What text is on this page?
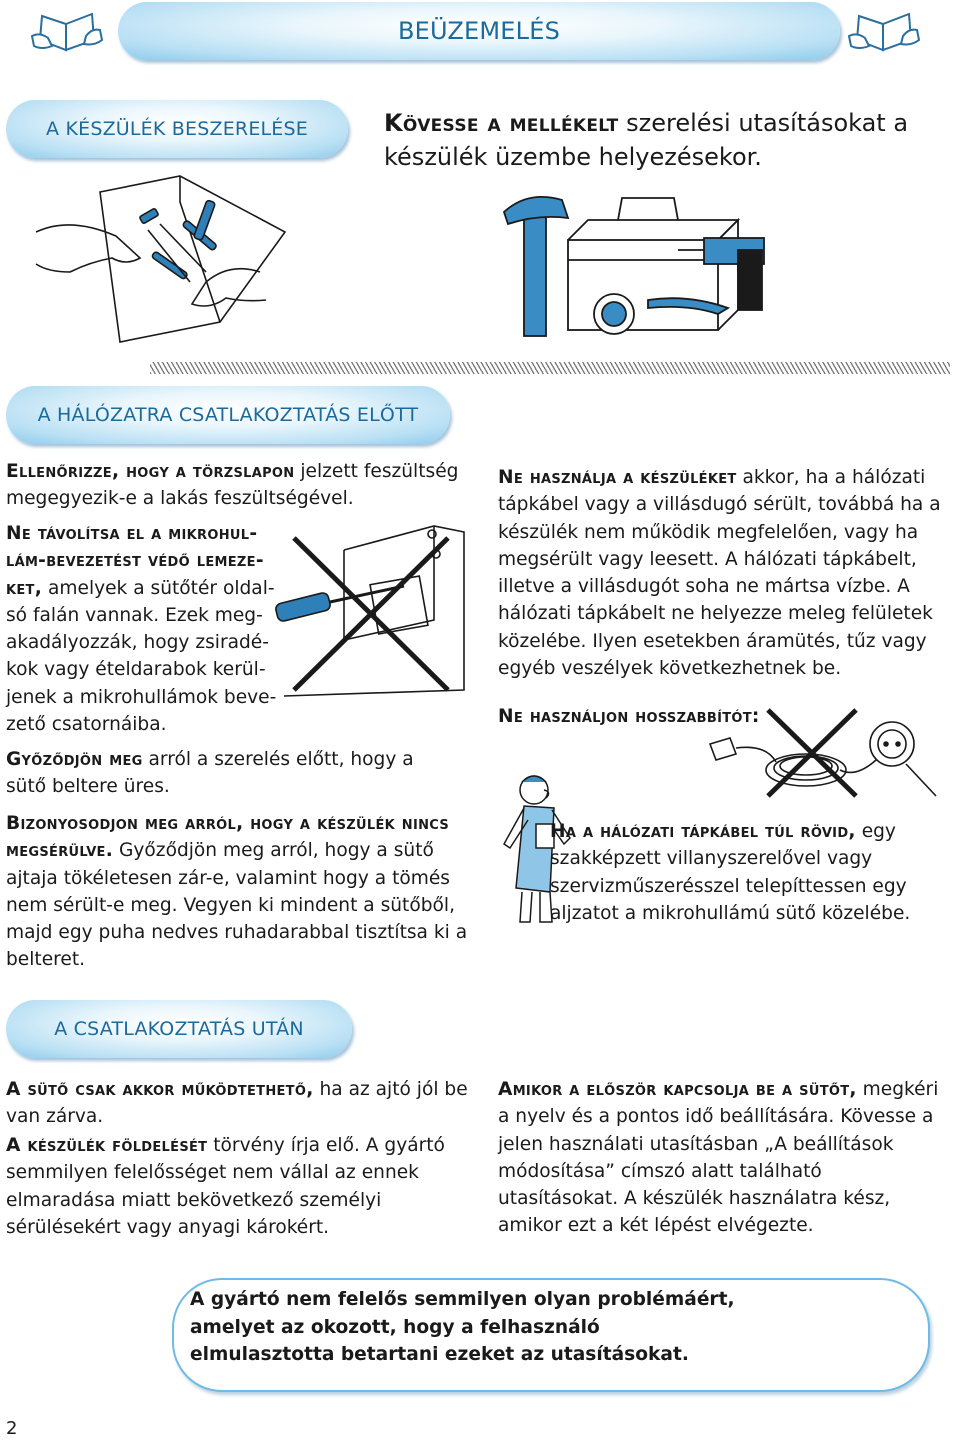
BEÜZEMELÉS
A KÉSZÜLÉK BESZERELÉSE	Kövesse a mellékelt szerelési utasításokat a készülék üzembe helyezésekor.
A HÁLÓZATRA CSATLAKOZTATÁS ELŐTT
Ellenőrizze, hogy a törzslapon jelzett feszültség megegyezik-e a lakás feszültségével.
Ne távolítsa el a mikrohul-
lám-bevezetést védő lemeze-
ket, amelyek a sütőtér oldal-
só falán vannak. Ezek meg-
akadályozzák, hogy zsiradé-
kok vagy ételdarabok kerül-
jenek a mikrohullámok beve-
zető csatornáiba.
Győződjön meg arról a szerelés előtt, hogy a sütő beltere üres.
Bizonyosodjon meg arról, hogy a készülék nincs megsérülve. Győződjön meg arról, hogy a sütő ajtaja tökéletesen zár-e, valamint hogy a tömés nem sérült-e meg. Vegyen ki mindent a sütőből, majd egy puha nedves ruhadarabbal tisztítsa ki a belteret.
Ne használja a készüléket akkor, ha a hálózati tápkábel vagy a villásdugó sérült, továbbá ha a készülék nem működik megfelelően, vagy ha megsérült vagy leesett. A hálózati tápkábelt, illetve a villásdugót soha ne mártsa vízbe. A hálózati tápkábelt ne helyezze meleg felületek közelébe. Ilyen esetekben áramütés, tűz vagy egyéb veszélyek következhetnek be.
Ne használjon hosszabbítót:
Ha a hálózati tápkábel túl rövid, egy szakképzett villanyszerelővel vagy szervizműszerésszel telepíttessen egy aljzatot a mikrohullámú sütő közelébe.
A CSATLAKOZTATÁS UTÁN
A sütő csak akkor működtethető, ha az ajtó jól be van zárva.
A készülék földelését törvény írja elő. A gyártó semmilyen felelősséget nem vállal az ennek elmaradása miatt bekövetkező személyi sérülésekért vagy anyagi károkért.
Amikor a először kapcsolja be a sütőt, megkéri a nyelv és a pontos idő beállítására. Kövesse a jelen használati utasításban „A beállítások módosítása” címszó alatt található utasításokat. A készülék használatra kész, amikor ezt a két lépést elvégezte.
A gyártó nem felelős semmilyen olyan problémáért, amelyet az okozott, hogy a felhasználó elmulasztotta betartani ezeket az utasításokat.
2
